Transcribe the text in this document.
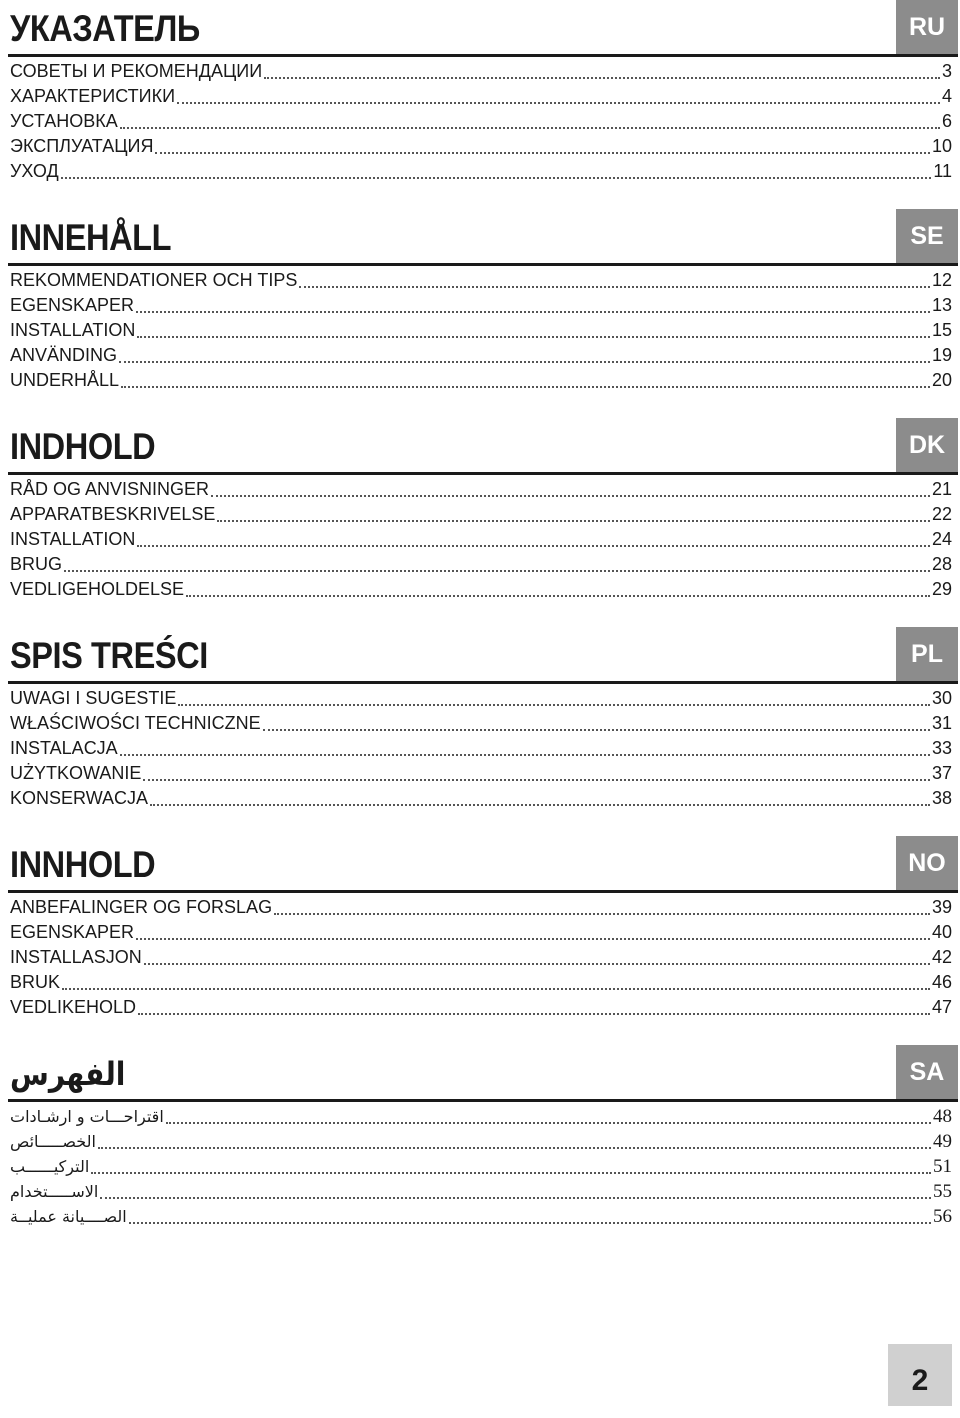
УКАЗАТЕЛЬ	RU
СОВЕТЫ И РЕКОМЕНДАЦИИ	3
ХАРАКТЕРИСТИКИ	4
УСТАНОВКА	6
ЭКСПЛУАТАЦИЯ	10
УХОД	11
INNEHÅLL	SE
REKOMMENDATIONER OCH TIPS	12
EGENSKAPER	13
INSTALLATION	15
ANVÄNDING	19
UNDERHÅLL	20
INDHOLD	DK
RÅD OG ANVISNINGER	21
APPARATBESKRIVELSE	22
INSTALLATION	24
BRUG	28
VEDLIGEHOLDELSE	29
SPIS TREŚCI	PL
UWAGI I SUGESTIE	30
WŁAŚCIWOŚCI TECHNICZNE	31
INSTALACJA	33
UŻYTKOWANIE	37
KONSERWACJA	38
INNHOLD	NO
ANBEFALINGER OG FORSLAG	39
EGENSKAPER	40
INSTALLASJON	42
BRUK	46
VEDLIKEHOLD	47
الفهرس	SA
اقتراحـــات و ارشـادات	48
الخصـــــائص	49
التركيــــــب	51
الاســـــتخدام	55
الصــــيانة عمليــة	56
2
